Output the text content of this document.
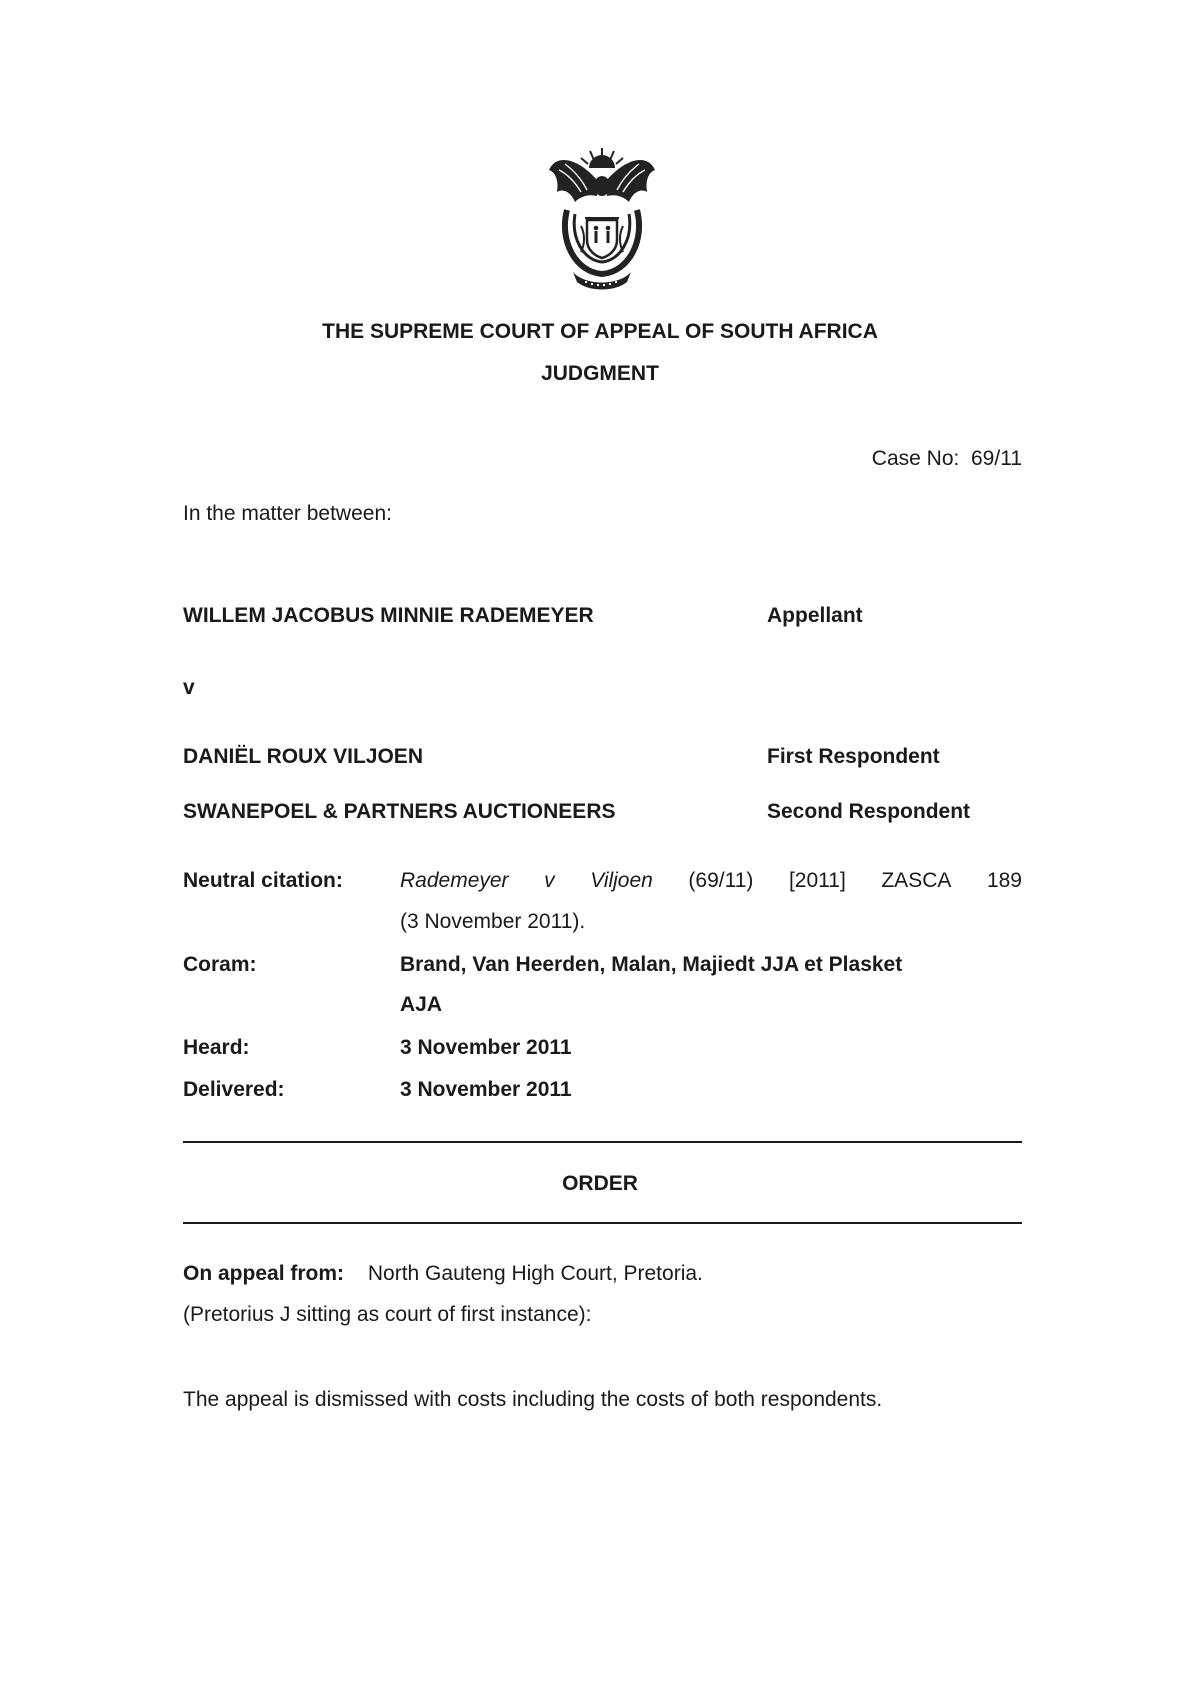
THE SUPREME COURT OF APPEAL OF SOUTH AFRICA
JUDGMENT
Case No:  69/11
In the matter between:
WILLEM JACOBUS MINNIE RADEMEYER	Appellant
v
DANIËL ROUX VILJOEN	First Respondent
SWANEPOEL & PARTNERS AUCTIONEERS	Second Respondent
Neutral citation:	Rademeyer v Viljoen (69/11) [2011] ZASCA 189
(3 November 2011).
Coram:	Brand, Van Heerden, Malan, Majiedt JJA et Plasket
AJA
Heard:	3 November 2011
Delivered:	3 November 2011
ORDER
On appeal from: North Gauteng High Court, Pretoria.
(Pretorius J sitting as court of first instance):
The appeal is dismissed with costs including the costs of both respondents.
